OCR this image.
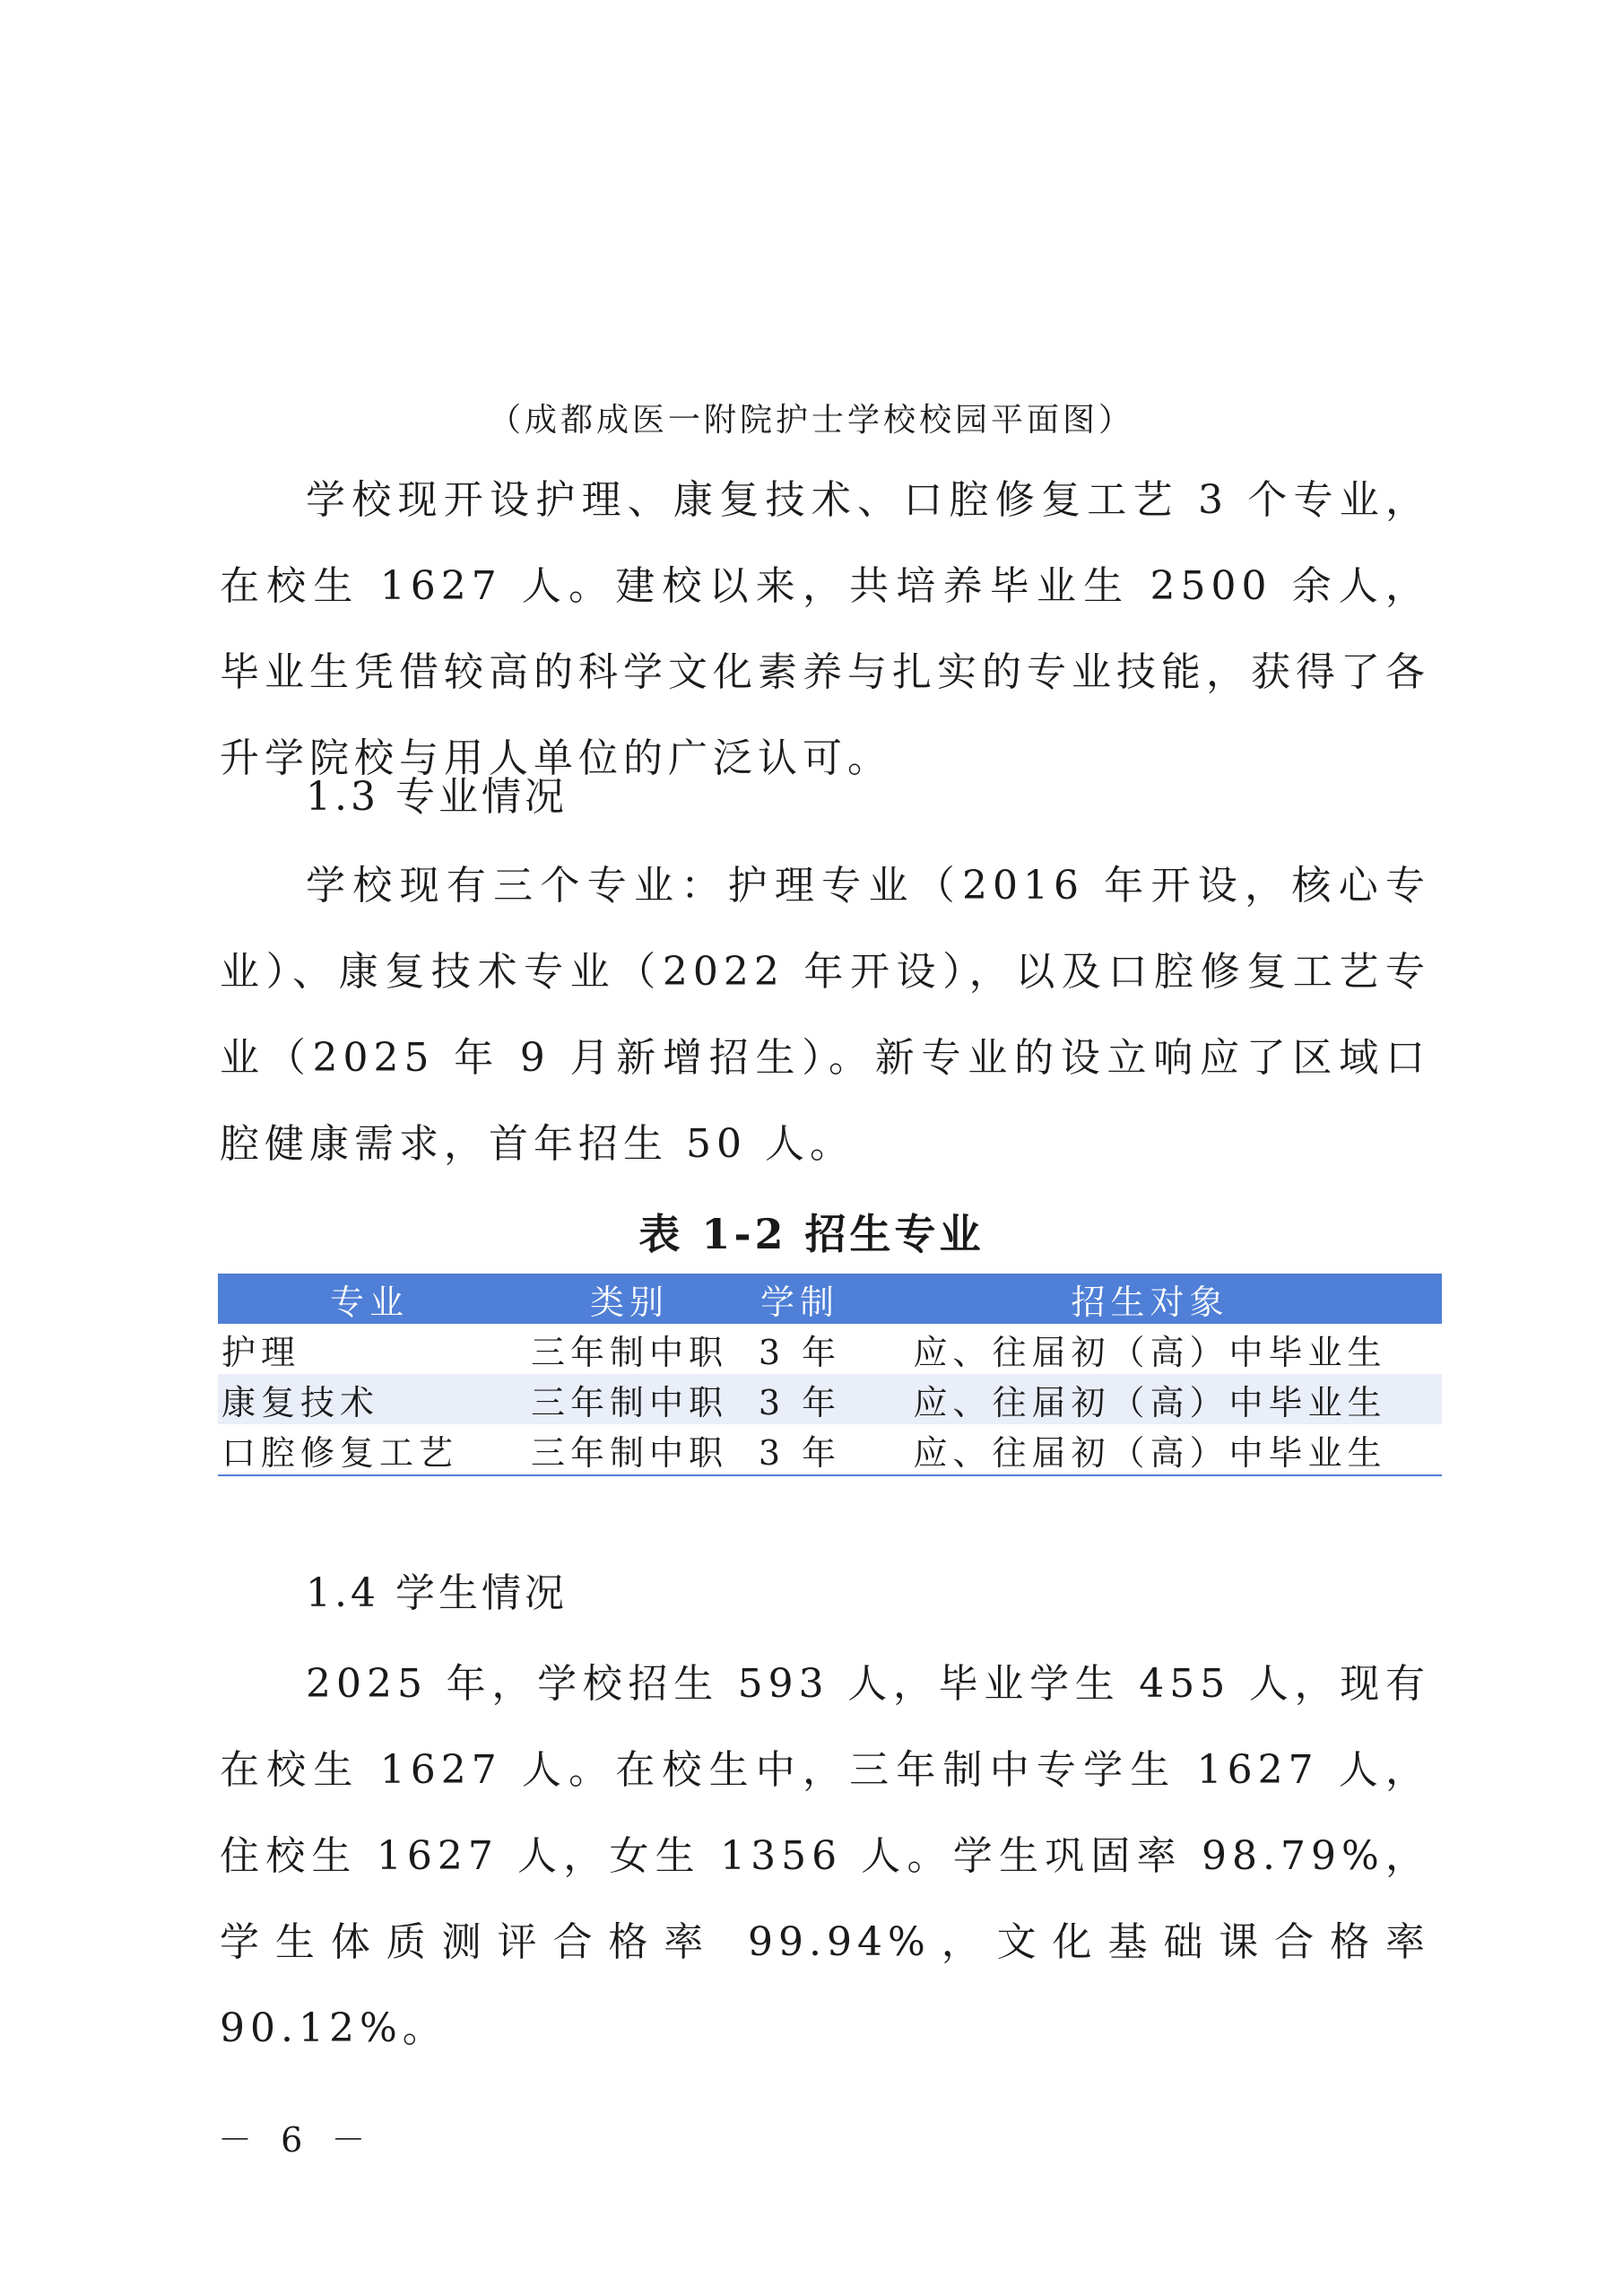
（成都成医一附院护士学校校园平面图）

学校现开设护理、康复技术、口腔修复工艺 3 个专业，在校生 1627 人。建校以来，共培养毕业生 2500 余人，毕业生凭借较高的科学文化素养与扎实的专业技能，获得了各升学院校与用人单位的广泛认可。

1.3 专业情况

学校现有三个专业：护理专业（2016 年开设，核心专业）、康复技术专业（2022 年开设），以及口腔修复工艺专业（2025 年 9 月新增招生）。新专业的设立响应了区域口腔健康需求，首年招生 50 人。

表 1-2 招生专业
专业	类别	学制	招生对象
护理	三年制中职	3 年	应、往届初（高）中毕业生
康复技术	三年制中职	3 年	应、往届初（高）中毕业生
口腔修复工艺	三年制中职	3 年	应、往届初（高）中毕业生
1.4 学生情况

2025 年，学校招生 593 人，毕业学生 455 人，现有在校生 1627 人。在校生中，三年制中专学生 1627 人，住校生 1627 人，女生 1356 人。学生巩固率 98.79%，学生体质测评合格率 99.94%，文化基础课合格率 90.12%。

－ 6 －
